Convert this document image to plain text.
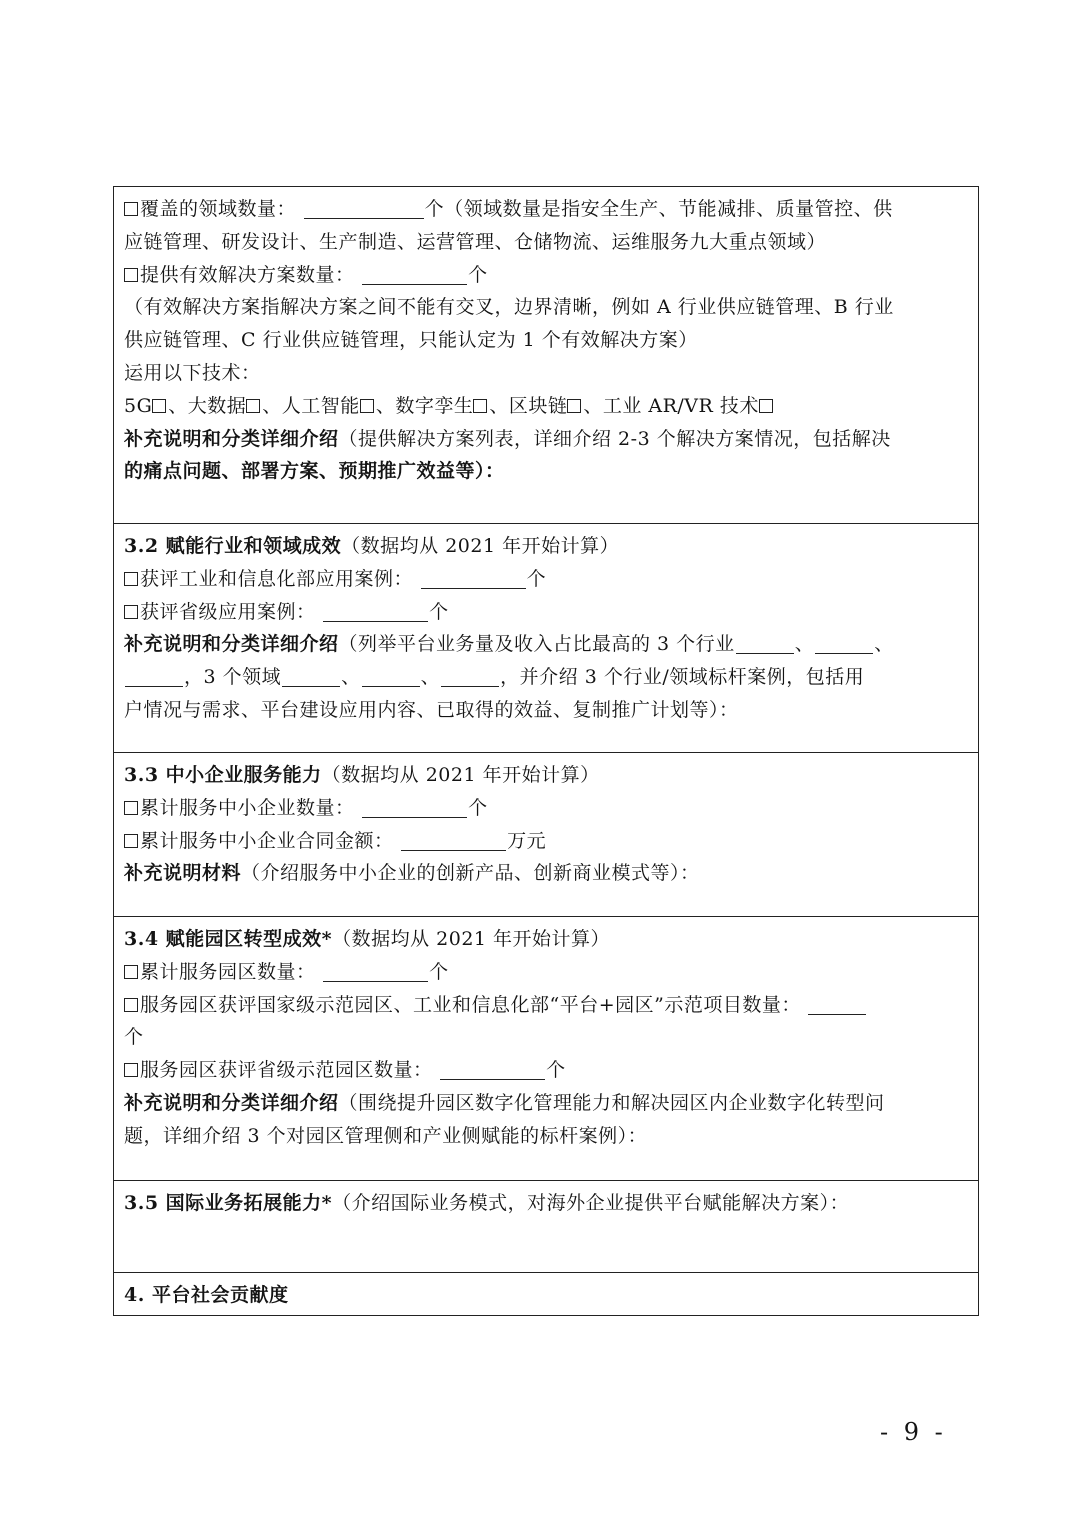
覆盖的领域数量：	个（领域数量是指安全生产、节能减排、质量管控、供
应链管理、研发设计、生产制造、运营管理、仓储物流、运维服务九大重点领域）
提供有效解决方案数量：	个
（有效解决方案指解决方案之间不能有交叉，边界清晰，例如 A 行业供应链管理、B 行业
供应链管理、C 行业供应链管理，只能认定为 1 个有效解决方案）
运用以下技术：
5G 、大数据 、人工智能 、数字孪生 、区块链 、工业 AR/VR 技术
补充说明和分类详细介绍（提供解决方案列表，详细介绍 2-3 个解决方案情况，包括解决
的痛点问题、部署方案、预期推广效益等）：
3.2 赋能行业和领域成效（数据均从 2021 年开始计算）
获评工业和信息化部应用案例：	个
获评省级应用案例：	个
补充说明和分类详细介绍（列举平台业务量及收入占比最高的 3 个行业	、	、
，3 个领域	、	、	，并介绍 3 个行业/领域标杆案例，包括用
户情况与需求、平台建设应用内容、已取得的效益、复制推广计划等）：
3.3 中小企业服务能力（数据均从 2021 年开始计算）
累计服务中小企业数量：	个
累计服务中小企业合同金额：	万元
补充说明材料（介绍服务中小企业的创新产品、创新商业模式等）：
3.4 赋能园区转型成效*（数据均从 2021 年开始计算）
累计服务园区数量：	个
服务园区获评国家级示范园区、工业和信息化部“平台+园区”示范项目数量：
个
服务园区获评省级示范园区数量：	个
补充说明和分类详细介绍（围绕提升园区数字化管理能力和解决园区内企业数字化转型问
题，详细介绍 3 个对园区管理侧和产业侧赋能的标杆案例）：
3.5 国际业务拓展能力*（介绍国际业务模式，对海外企业提供平台赋能解决方案）：
4. 平台社会贡献度
- 9 -
